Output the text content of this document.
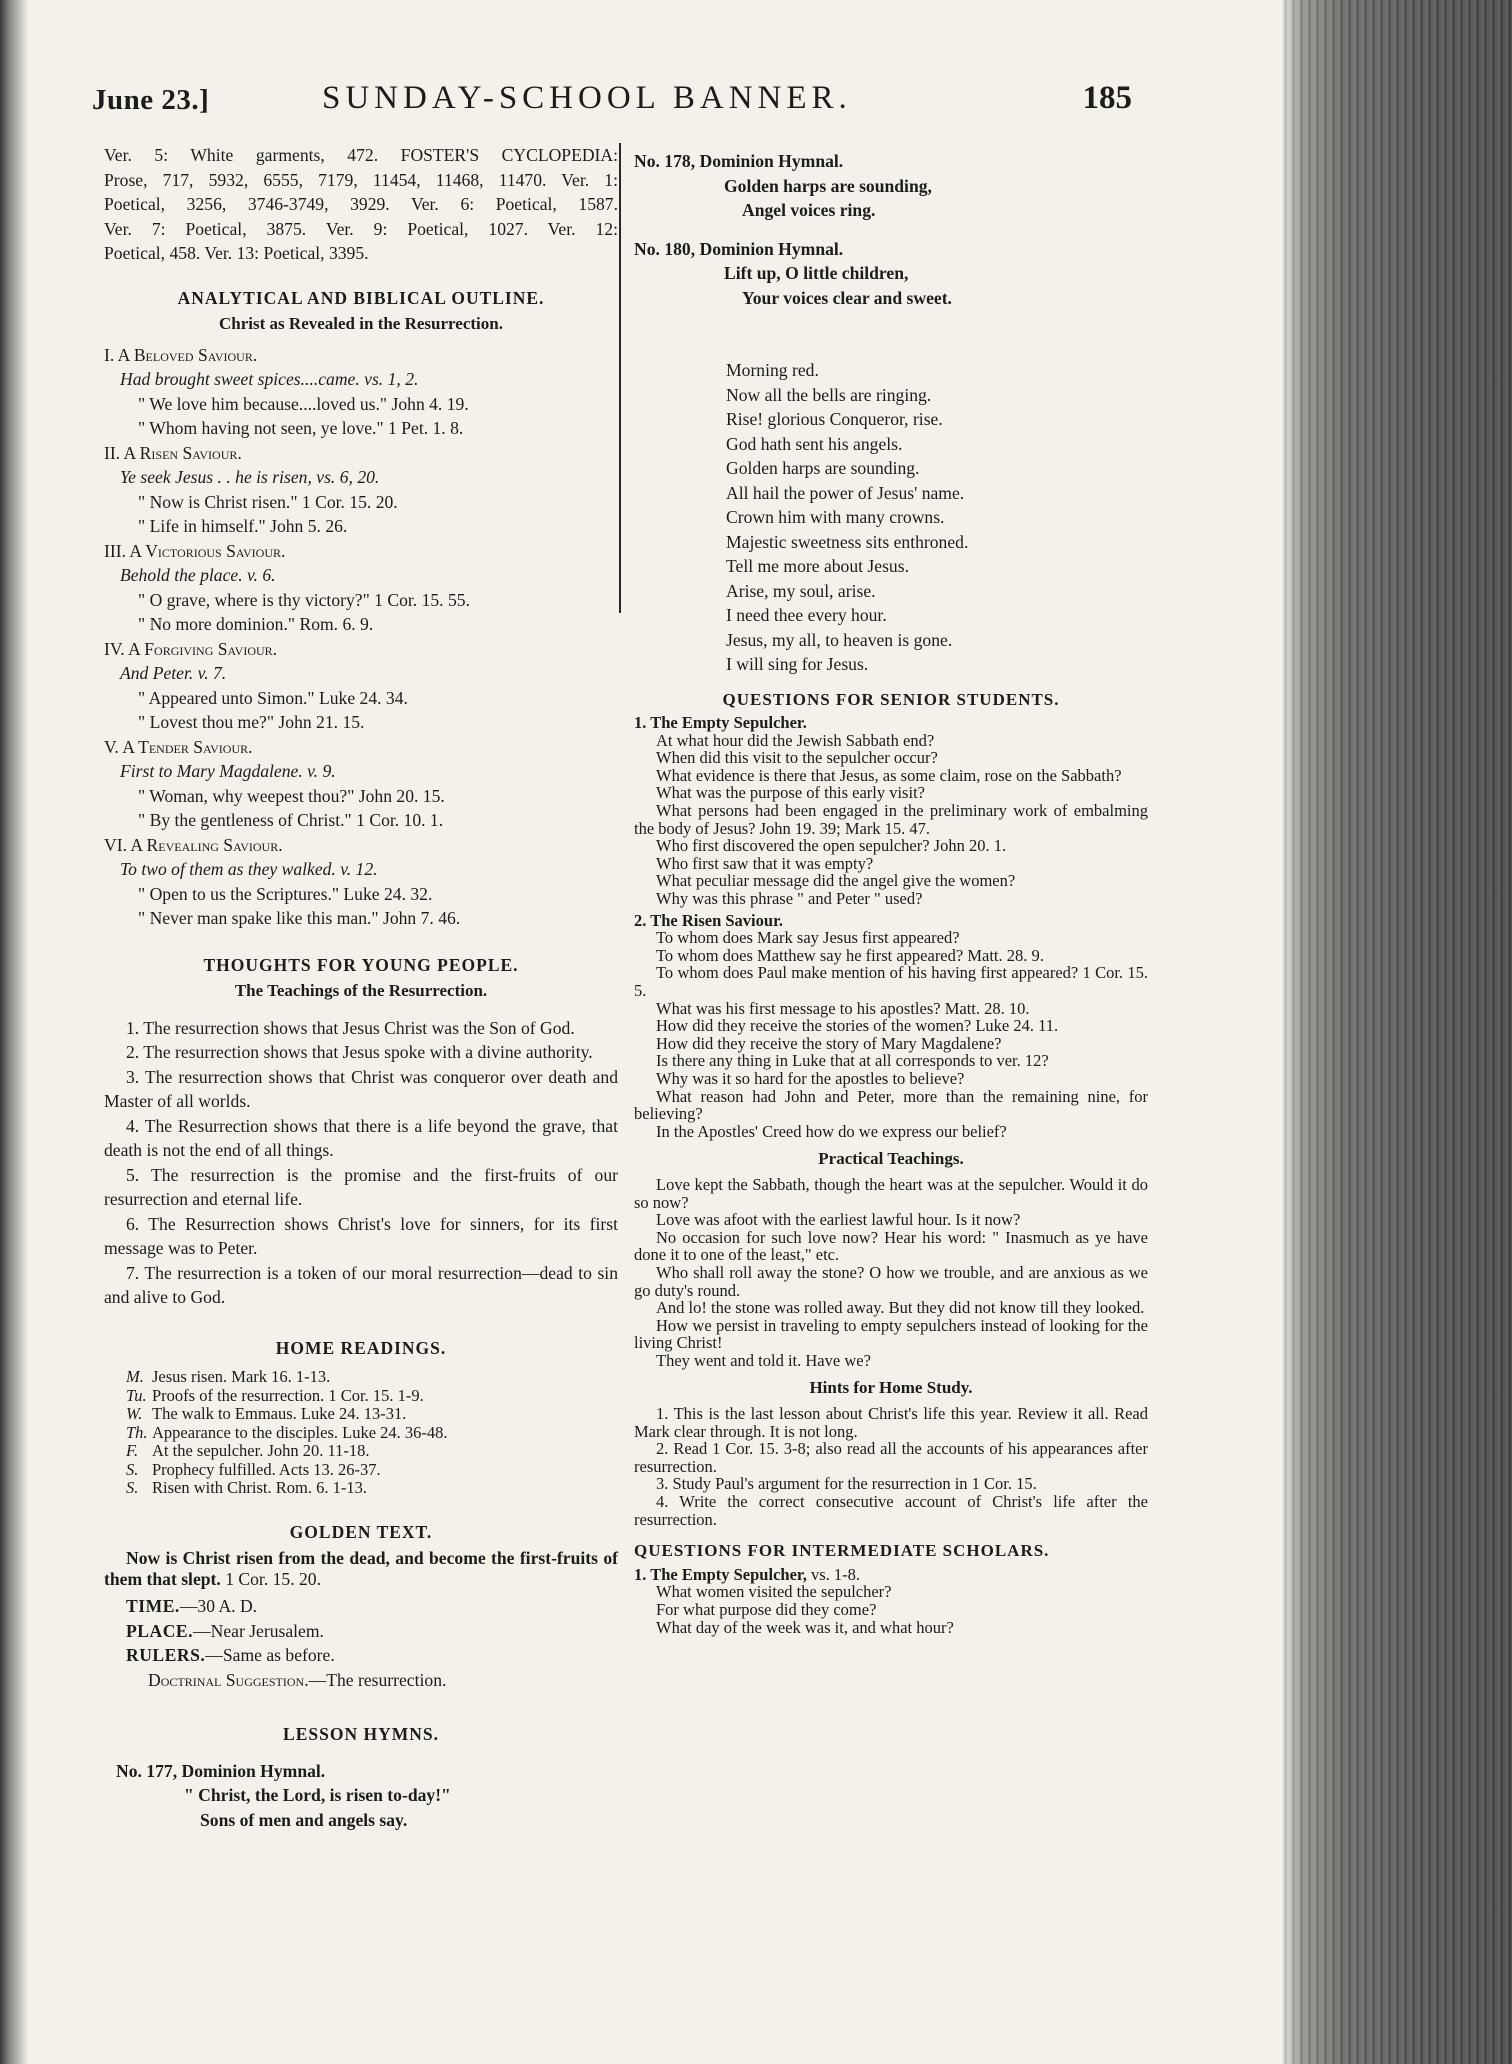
June 23.]	SUNDAY-SCHOOL BANNER.	185

Ver. 5: White garments, 472. FOSTER'S CYCLOPEDIA:

Prose, 717, 5932, 6555, 7179, 11454, 11468, 11470. Ver. 1:

Poetical, 3256, 3746-3749, 3929. Ver. 6: Poetical, 1587.

Ver. 7: Poetical, 3875. Ver. 9: Poetical, 1027. Ver. 12:

Poetical, 458. Ver. 13: Poetical, 3395.

ANALYTICAL AND BIBLICAL OUTLINE.

Christ as Revealed in the Resurrection.

I. A Beloved Saviour.

Had brought sweet spices....came. vs. 1, 2.

" We love him because....loved us." John 4. 19.

" Whom having not seen, ye love." 1 Pet. 1. 8.

II. A Risen Saviour.

Ye seek Jesus . . he is risen, vs. 6, 20.

" Now is Christ risen." 1 Cor. 15. 20.

" Life in himself." John 5. 26.

III. A Victorious Saviour.

Behold the place. v. 6.

" O grave, where is thy victory?" 1 Cor. 15. 55.

" No more dominion." Rom. 6. 9.

IV. A Forgiving Saviour.

And Peter. v. 7.

" Appeared unto Simon." Luke 24. 34.

" Lovest thou me?" John 21. 15.

V. A Tender Saviour.

First to Mary Magdalene. v. 9.

" Woman, why weepest thou?" John 20. 15.

" By the gentleness of Christ." 1 Cor. 10. 1.

VI. A Revealing Saviour.

To two of them as they walked. v. 12.

" Open to us the Scriptures." Luke 24. 32.

" Never man spake like this man." John 7. 46.

THOUGHTS FOR YOUNG PEOPLE.

The Teachings of the Resurrection.

1. The resurrection shows that Jesus Christ was the Son of God.

2. The resurrection shows that Jesus spoke with a divine authority.

3. The resurrection shows that Christ was conqueror over death and Master of all worlds.

4. The Resurrection shows that there is a life beyond the grave, that death is not the end of all things.

5. The resurrection is the promise and the first-fruits of our resurrection and eternal life.

6. The Resurrection shows Christ's love for sinners, for its first message was to Peter.

7. The resurrection is a token of our moral resurrection—dead to sin and alive to God.

HOME READINGS.

M. Jesus risen. Mark 16. 1-13.

Tu. Proofs of the resurrection. 1 Cor. 15. 1-9.

W. The walk to Emmaus. Luke 24. 13-31.

Th. Appearance to the disciples. Luke 24. 36-48.

F. At the sepulcher. John 20. 11-18.

S. Prophecy fulfilled. Acts 13. 26-37.

S. Risen with Christ. Rom. 6. 1-13.

GOLDEN TEXT.

Now is Christ risen from the dead, and become the first-fruits of them that slept. 1 Cor. 15. 20.

TIME.—30 A. D.

PLACE.—Near Jerusalem.

RULERS.—Same as before.

Doctrinal Suggestion.—The resurrection.

LESSON HYMNS.

No. 177, Dominion Hymnal.

" Christ, the Lord, is risen to-day!"

Sons of men and angels say.

No. 178, Dominion Hymnal.

Golden harps are sounding,

Angel voices ring.

No. 180, Dominion Hymnal.

Lift up, O little children,

Your voices clear and sweet.

Morning red.

Now all the bells are ringing.

Rise! glorious Conqueror, rise.

God hath sent his angels.

Golden harps are sounding.

All hail the power of Jesus' name.

Crown him with many crowns.

Majestic sweetness sits enthroned.

Tell me more about Jesus.

Arise, my soul, arise.

I need thee every hour.

Jesus, my all, to heaven is gone.

I will sing for Jesus.

QUESTIONS FOR SENIOR STUDENTS.

1. The Empty Sepulcher.

At what hour did the Jewish Sabbath end?

When did this visit to the sepulcher occur?

What evidence is there that Jesus, as some claim, rose on the Sabbath?

What was the purpose of this early visit?

What persons had been engaged in the preliminary work of embalming the body of Jesus? John 19. 39; Mark 15. 47.

Who first discovered the open sepulcher? John 20. 1.

Who first saw that it was empty?

What peculiar message did the angel give the women?

Why was this phrase " and Peter " used?

2. The Risen Saviour.

To whom does Mark say Jesus first appeared?

To whom does Matthew say he first appeared? Matt. 28. 9.

To whom does Paul make mention of his having first appeared? 1 Cor. 15. 5.

What was his first message to his apostles? Matt. 28. 10.

How did they receive the stories of the women? Luke 24. 11.

How did they receive the story of Mary Magdalene?

Is there any thing in Luke that at all corresponds to ver. 12?

Why was it so hard for the apostles to believe?

What reason had John and Peter, more than the remaining nine, for believing?

In the Apostles' Creed how do we express our belief?

Practical Teachings.

Love kept the Sabbath, though the heart was at the sepulcher. Would it do so now?

Love was afoot with the earliest lawful hour. Is it now?

No occasion for such love now? Hear his word: " Inasmuch as ye have done it to one of the least," etc.

Who shall roll away the stone? O how we trouble, and are anxious as we go duty's round.

And lo! the stone was rolled away. But they did not know till they looked.

How we persist in traveling to empty sepulchers instead of looking for the living Christ!

They went and told it. Have we?

Hints for Home Study.

1. This is the last lesson about Christ's life this year. Review it all. Read Mark clear through. It is not long.

2. Read 1 Cor. 15. 3-8; also read all the accounts of his appearances after resurrection.

3. Study Paul's argument for the resurrection in 1 Cor. 15.

4. Write the correct consecutive account of Christ's life after the resurrection.

QUESTIONS FOR INTERMEDIATE SCHOLARS.

1. The Empty Sepulcher, vs. 1-8.

What women visited the sepulcher?

For what purpose did they come?

What day of the week was it, and what hour?
